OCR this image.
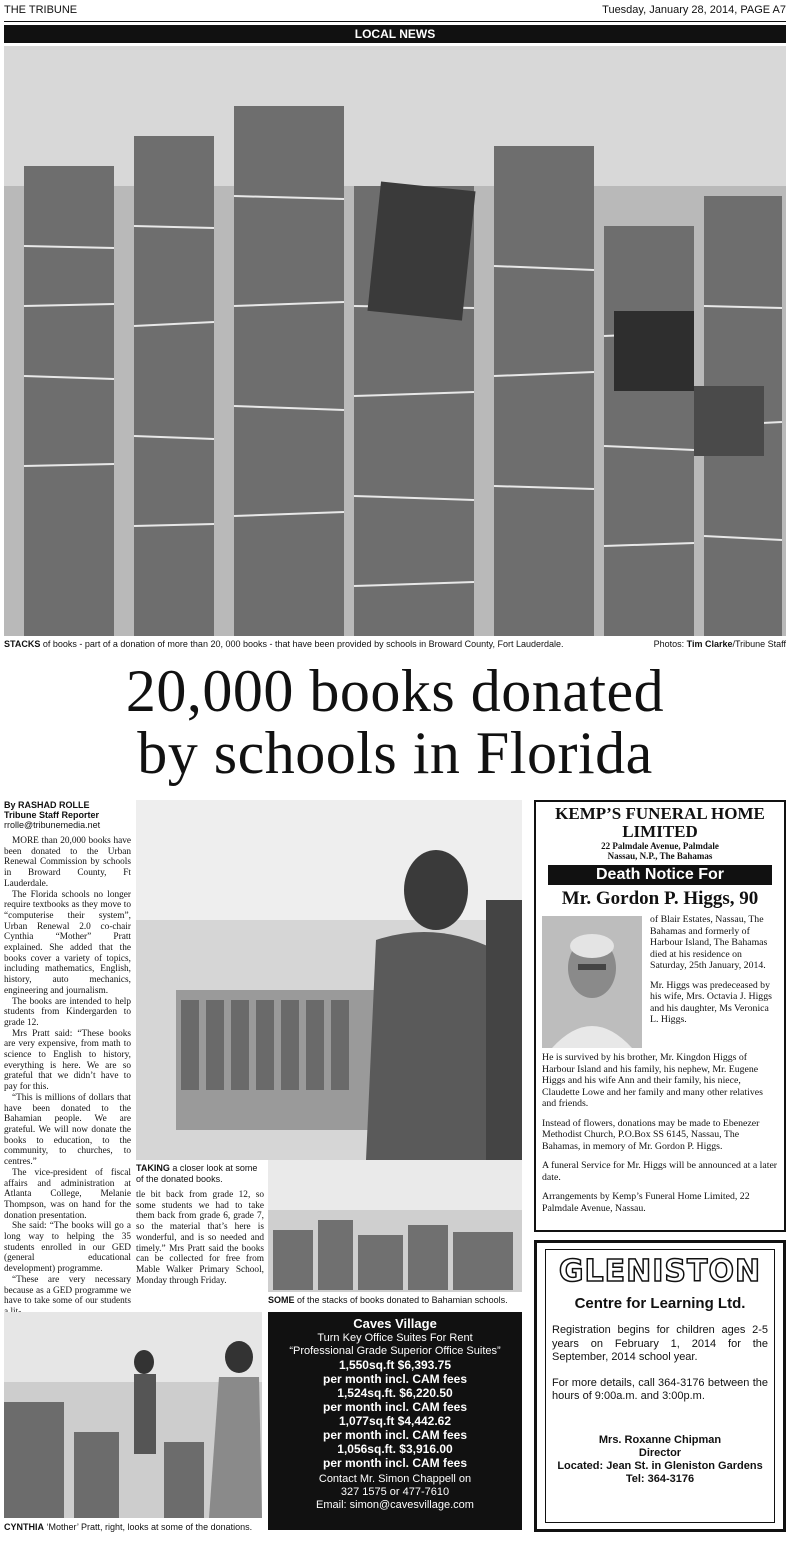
THE TRIBUNE	Tuesday, January 28, 2014, PAGE A7
LOCAL NEWS
STACKS of books - part of a donation of more than 20, 000 books - that have been provided by schools in Broward County, Fort Lauderdale.	Photos: Tim Clarke/Tribune Staff
20,000 books donated
by schools in Florida
By RASHAD ROLLE
Tribune Staff Reporter
rrolle@tribunemedia.net

MORE than 20,000 books have been donated to the Urban Renewal Commission by schools in Broward County, Ft Lauderdale.

The Florida schools no longer require textbooks as they move to “computerise their system”, Urban Renewal 2.0 co-chair Cynthia “Mother” Pratt explained. She added that the books cover a variety of topics, including mathematics, English, history, auto mechanics, engineering and journalism.

The books are intended to help students from Kindergarden to grade 12.

Mrs Pratt said: “These books are very expensive, from math to science to English to history, everything is here. We are so grateful that we didn’t have to pay for this.

“This is millions of dollars that have been donated to the Bahamian people. We are grateful. We will now donate the books to education, to the community, to churches, to centres.”

The vice-president of fiscal affairs and administration at Atlanta College, Melanie Thompson, was on hand for the donation presentation.

She said: “The books will go a long way to helping the 35 students enrolled in our GED (general educational development) programme.

“These are very necessary because as a GED programme we have to take some of our students

TAKING a closer look at some of the donated books.

tle bit back from grade 12, so some students we had to take them back from grade 6, grade 7, so the material that’s here is wonderful, and is so needed and timely.” Mrs Pratt said the books can be collected for free from Mable Walker Primary School, Monday through Friday.

SOME of the stacks of books donated to Bahamian schools.
CYNTHIA ‘Mother’ Pratt, right, looks at some of the donations.
Caves Village
Turn Key Office Suites For Rent
“Professional Grade Superior Office Suites”
1,550sq.ft $6,393.75
per month incl. CAM fees
1,524sq.ft. $6,220.50
per month incl. CAM fees
1,077sq.ft $4,442.62
per month incl. CAM fees
1,056sq.ft. $3,916.00
per month incl. CAM fees
Contact Mr. Simon Chappell on
327 1575 or 477-7610
Email: simon@cavesvillage.com
KEMP’S FUNERAL HOME LIMITED
22 Palmdale Avenue, Palmdale
Nassau, N.P., The Bahamas
Death Notice For
Mr. Gordon P. Higgs, 90

of Blair Estates, Nassau, The Bahamas and formerly of Harbour Island, The Bahamas died at his residence on Saturday, 25th January, 2014.

Mr. Higgs was predeceased by his wife, Mrs. Octavia J. Higgs and his daughter, Ms Veronica L. Higgs.

He is survived by his brother, Mr. Kingdon Higgs of Harbour Island and his family, his nephew, Mr. Eugene Higgs and his wife Ann and their family, his niece, Claudette Lowe and her family and many other relatives and friends.

Instead of flowers, donations may be made to Ebenezer Methodist Church, P.O.Box SS 6145, Nassau, The Bahamas, in memory of Mr. Gordon P. Higgs.

A funeral Service for Mr. Higgs will be announced at a later date.

Arrangements by Kemp’s Funeral Home Limited, 22 Palmdale Avenue, Nassau.

GLENISTON
Centre for Learning Ltd.
Registration begins for children ages 2-5 years on February 1, 2014 for the September, 2014 school year.
For more details, call 364-3176 between the hours of 9:00a.m. and 3:00p.m.
Mrs. Roxanne Chipman
Director
Located: Jean St. in Gleniston Gardens
Tel: 364-3176
